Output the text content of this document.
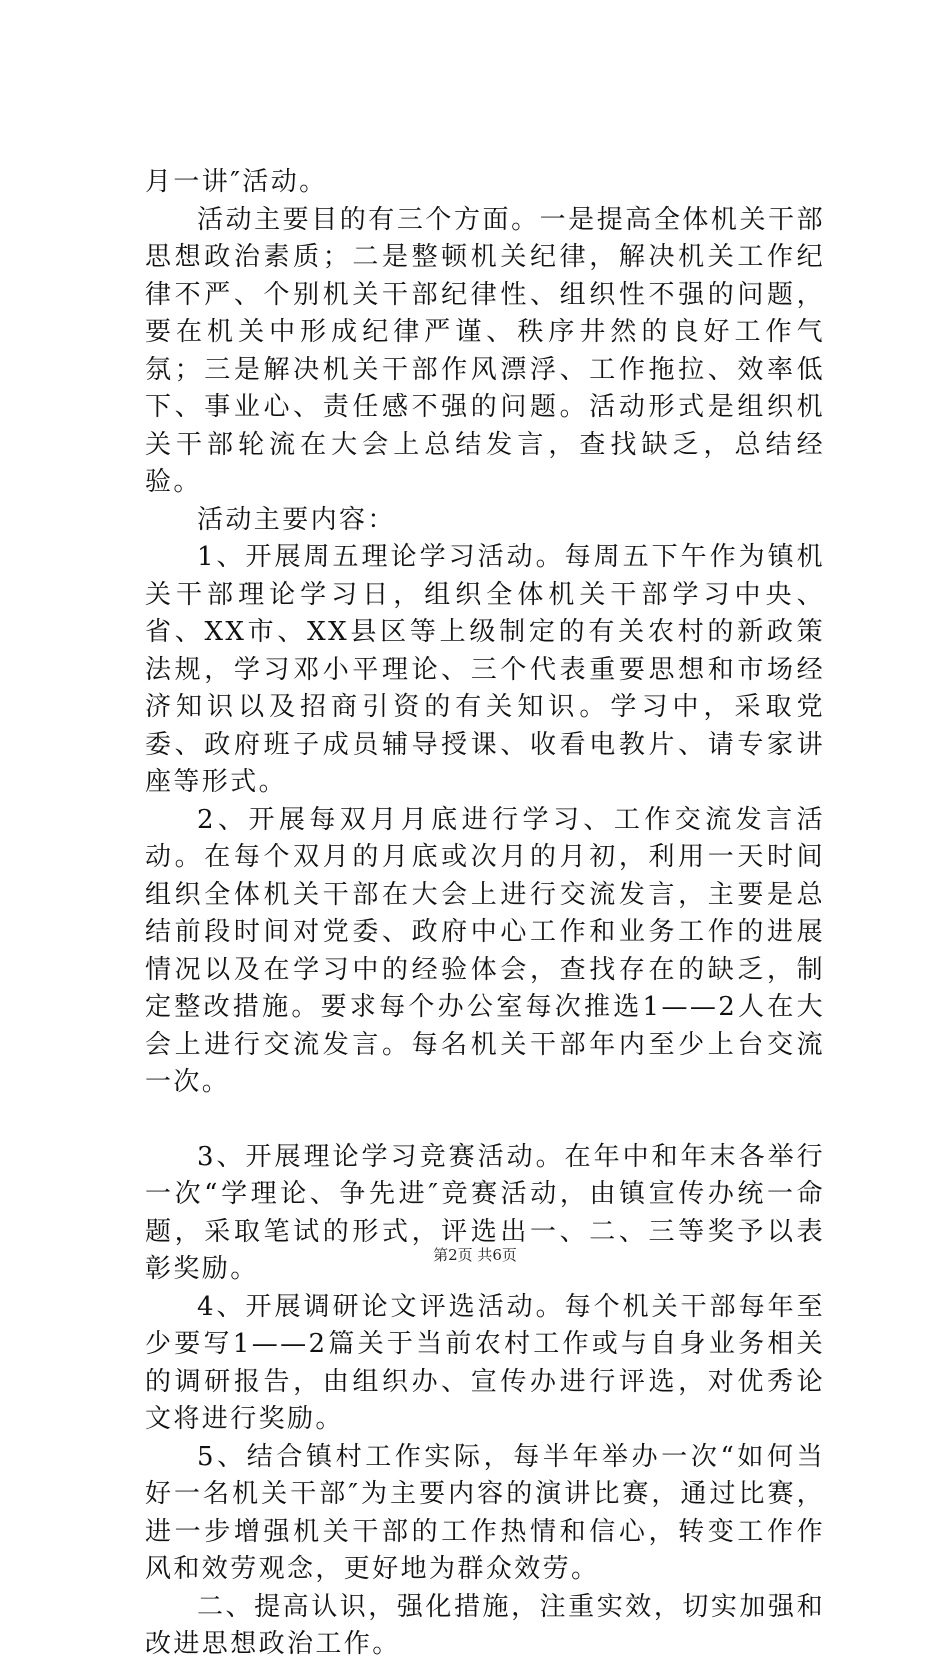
月一讲″活动。

活动主要目的有三个方面。一是提高全体机关干部思想政治素质；二是整顿机关纪律，解决机关工作纪律不严、个别机关干部纪律性、组织性不强的问题，要在机关中形成纪律严谨、秩序井然的良好工作气氛；三是解决机关干部作风漂浮、工作拖拉、效率低下、事业心、责任感不强的问题。活动形式是组织机关干部轮流在大会上总结发言，查找缺乏，总结经验。

活动主要内容：

1、开展周五理论学习活动。每周五下午作为镇机关干部理论学习日，组织全体机关干部学习中央、省、XX市、XX县区等上级制定的有关农村的新政策法规，学习邓小平理论、三个代表重要思想和市场经济知识以及招商引资的有关知识。学习中，采取党委、政府班子成员辅导授课、收看电教片、请专家讲座等形式。

2、开展每双月月底进行学习、工作交流发言活动。在每个双月的月底或次月的月初，利用一天时间组织全体机关干部在大会上进行交流发言，主要是总结前段时间对党委、政府中心工作和业务工作的进展情况以及在学习中的经验体会，查找存在的缺乏，制定整改措施。要求每个办公室每次推选1——2人在大会上进行交流发言。每名机关干部年内至少上台交流一次。

3、开展理论学习竞赛活动。在年中和年末各举行一次“学理论、争先进″竞赛活动，由镇宣传办统一命题，采取笔试的形式，评选出一、二、三等奖予以表彰奖励。

4、开展调研论文评选活动。每个机关干部每年至少要写1——2篇关于当前农村工作或与自身业务相关的调研报告，由组织办、宣传办进行评选，对优秀论文将进行奖励。

5、结合镇村工作实际，每半年举办一次“如何当好一名机关干部″为主要内容的演讲比赛，通过比赛，进一步增强机关干部的工作热情和信心，转变工作作风和效劳观念，更好地为群众效劳。

二、提高认识，强化措施，注重实效，切实加强和改进思想政治工作。

第2页 共6页
